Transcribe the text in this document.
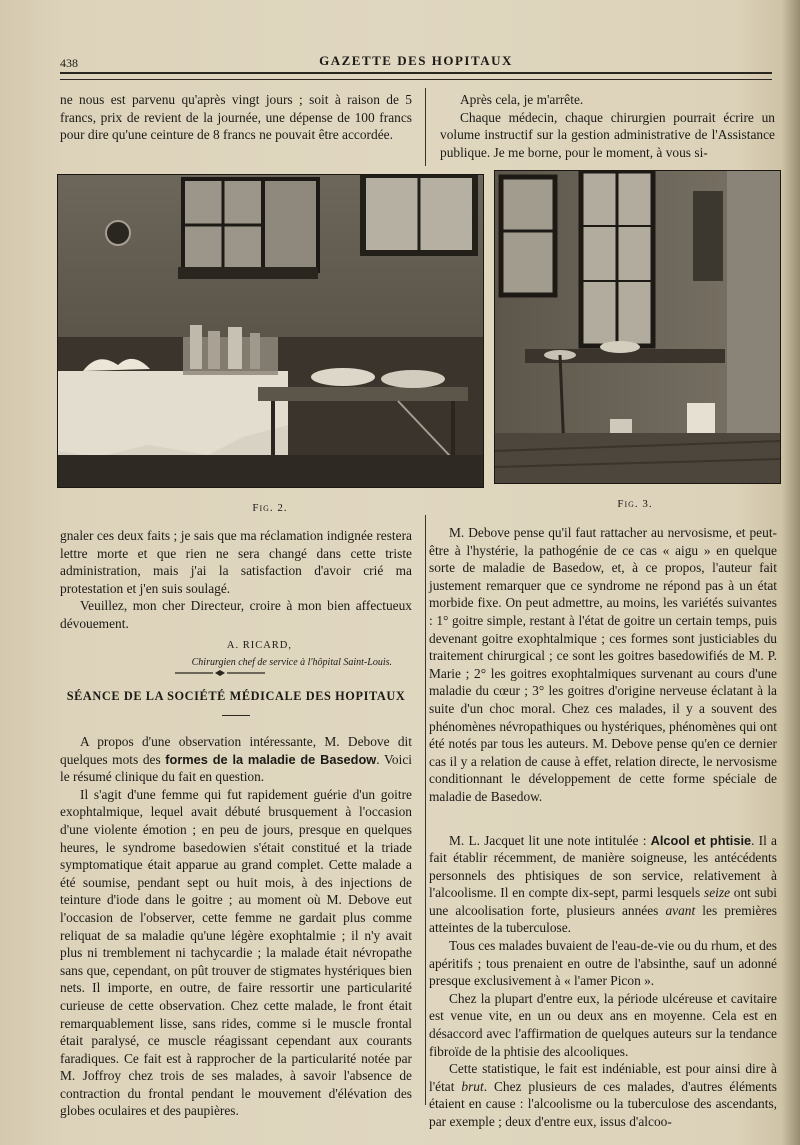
438	GAZETTE DES HOPITAUX

ne nous est parvenu qu'après vingt jours ; soit à raison de 5 francs, prix de revient de la journée, une dépense de 100 francs pour dire qu'une ceinture de 8 francs ne pouvait être accordée.

Après cela, je m'arrête.

Chaque médecin, chaque chirurgien pourrait écrire un volume instructif sur la gestion administrative de l'Assistance publique. Je me borne, pour le moment, à vous si-

Fig. 2.	Fig. 3.

gnaler ces deux faits ; je sais que ma réclamation indignée restera lettre morte et que rien ne sera changé dans cette triste administration, mais j'ai la satisfaction d'avoir crié ma protestation et j'en suis soulagé.

Veuillez, mon cher Directeur, croire à mon bien affectueux dévouement.

A. RICARD,

Chirurgien chef de service à l'hôpital Saint-Louis.

SÉANCE DE LA SOCIÉTÉ MÉDICALE DES HOPITAUX

A propos d'une observation intéressante, M. Debove dit quelques mots des formes de la maladie de Basedow. Voici le résumé clinique du fait en question.

Il s'agit d'une femme qui fut rapidement guérie d'un goitre exophtalmique, lequel avait débuté brusquement à l'occasion d'une violente émotion ; en peu de jours, presque en quelques heures, le syndrome basedowien s'était constitué et la triade symptomatique était apparue au grand complet. Cette malade a été soumise, pendant sept ou huit mois, à des injections de teinture d'iode dans le goitre ; au moment où M. Debove eut l'occasion de l'observer, cette femme ne gardait plus comme reliquat de sa maladie qu'une légère exophtalmie ; il n'y avait plus ni tremblement ni tachycardie ; la malade était névropathe sans que, cependant, on pût trouver de stigmates hystériques bien nets. Il importe, en outre, de faire ressortir une particularité curieuse de cette observation. Chez cette malade, le front était remarquablement lisse, sans rides, comme si le muscle frontal était paralysé, ce muscle réagissant cependant aux courants faradiques. Ce fait est à rapprocher de la particularité notée par M. Joffroy chez trois de ses malades, à savoir l'absence de contraction du frontal pendant le mouvement d'élévation des globes oculaires et des paupières.

M. Debove pense qu'il faut rattacher au nervosisme, et peut-être à l'hystérie, la pathogénie de ce cas « aigu » en quelque sorte de maladie de Basedow, et, à ce propos, l'auteur fait justement remarquer que ce syndrome ne répond pas à un état morbide fixe. On peut admettre, au moins, les variétés suivantes : 1° goitre simple, restant à l'état de goitre un certain temps, puis devenant goitre exophtalmique ; ces formes sont justiciables du traitement chirurgical ; ce sont les goitres basedowifiés de M. P. Marie ; 2° les goitres exophtalmiques survenant au cours d'une maladie du cœur ; 3° les goitres d'origine nerveuse éclatant à la suite d'un choc moral. Chez ces malades, il y a souvent des phénomènes névropathiques ou hystériques, phénomènes qui ont été notés par tous les auteurs. M. Debove pense qu'en ce dernier cas il y a relation de cause à effet, relation directe, le nervosisme conditionnant le développement de cette forme spéciale de maladie de Basedow.

M. L. Jacquet lit une note intitulée : Alcool et phtisie. Il a fait établir récemment, de manière soigneuse, les antécédents personnels des phtisiques de son service, relativement à l'alcoolisme. Il en compte dix-sept, parmi lesquels seize ont subi une alcoolisation forte, plusieurs années avant les premières atteintes de la tuberculose.

Tous ces malades buvaient de l'eau-de-vie ou du rhum, et des apéritifs ; tous prenaient en outre de l'absinthe, sauf un adonné presque exclusivement à « l'amer Picon ».

Chez la plupart d'entre eux, la période ulcéreuse et cavitaire est venue vite, en un ou deux ans en moyenne. Cela est en désaccord avec l'affirmation de quelques auteurs sur la tendance fibroïde de la phtisie des alcooliques.

Cette statistique, le fait est indéniable, est pour ainsi dire à l'état brut. Chez plusieurs de ces malades, d'autres éléments étaient en cause : l'alcoolisme ou la tuberculose des ascendants, par exemple ; deux d'entre eux, issus d'alcoo-
